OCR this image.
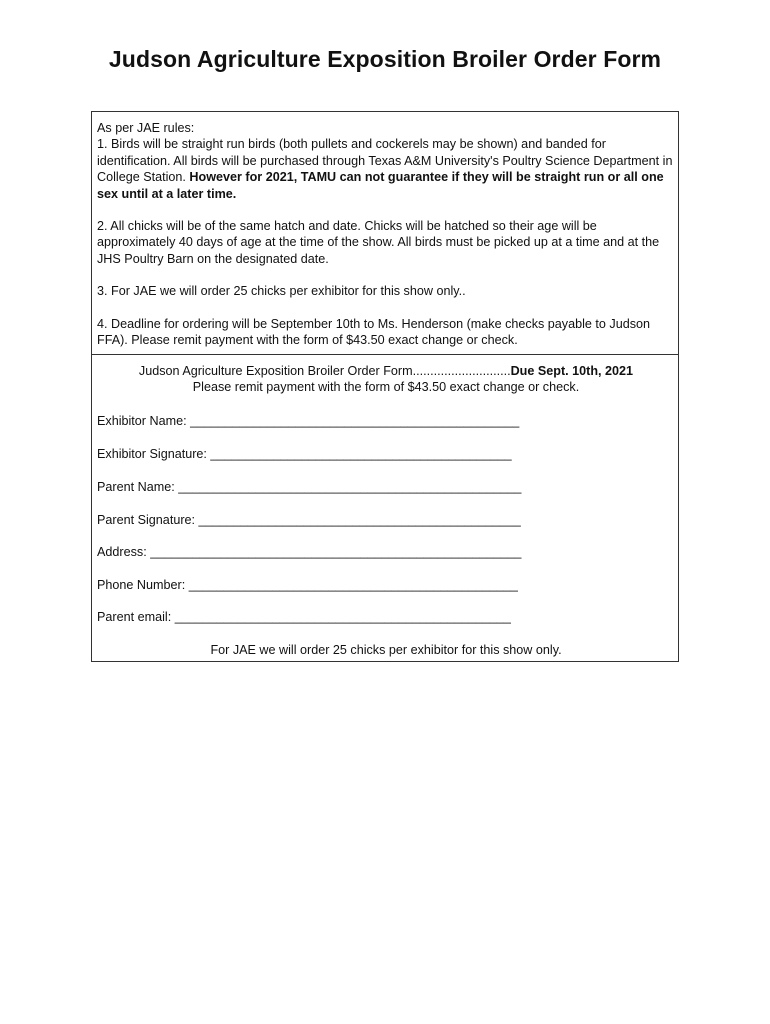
Judson Agriculture Exposition Broiler Order Form

As per JAE rules:

1. Birds will be straight run birds (both pullets and cockerels may be shown) and banded for identification. All birds will be purchased through Texas A&M University's Poultry Science Department in College Station. However for 2021, TAMU can not guarantee if they will be straight run or all one sex until at a later time.

2. All chicks will be of the same hatch and date. Chicks will be hatched so their age will be approximately 40 days of age at the time of the show. All birds must be picked up at a time and at the JHS Poultry Barn on the designated date.

3. For JAE we will order 25 chicks per exhibitor for this show only..

4. Deadline for ordering will be September 10th to Ms. Henderson (make checks payable to Judson FFA). Please remit payment with the form of $43.50 exact change or check.

Judson Agriculture Exposition Broiler Order Form............................Due Sept. 10th, 2021
Please remit payment with the form of $43.50 exact change or check.
Exhibitor Name: _______________________________________________
Exhibitor Signature: ___________________________________________
Parent Name: _________________________________________________
Parent Signature: ______________________________________________
Address: _____________________________________________________
Phone Number: _______________________________________________
Parent email: ________________________________________________
For JAE we will order 25 chicks per exhibitor for this show only.
